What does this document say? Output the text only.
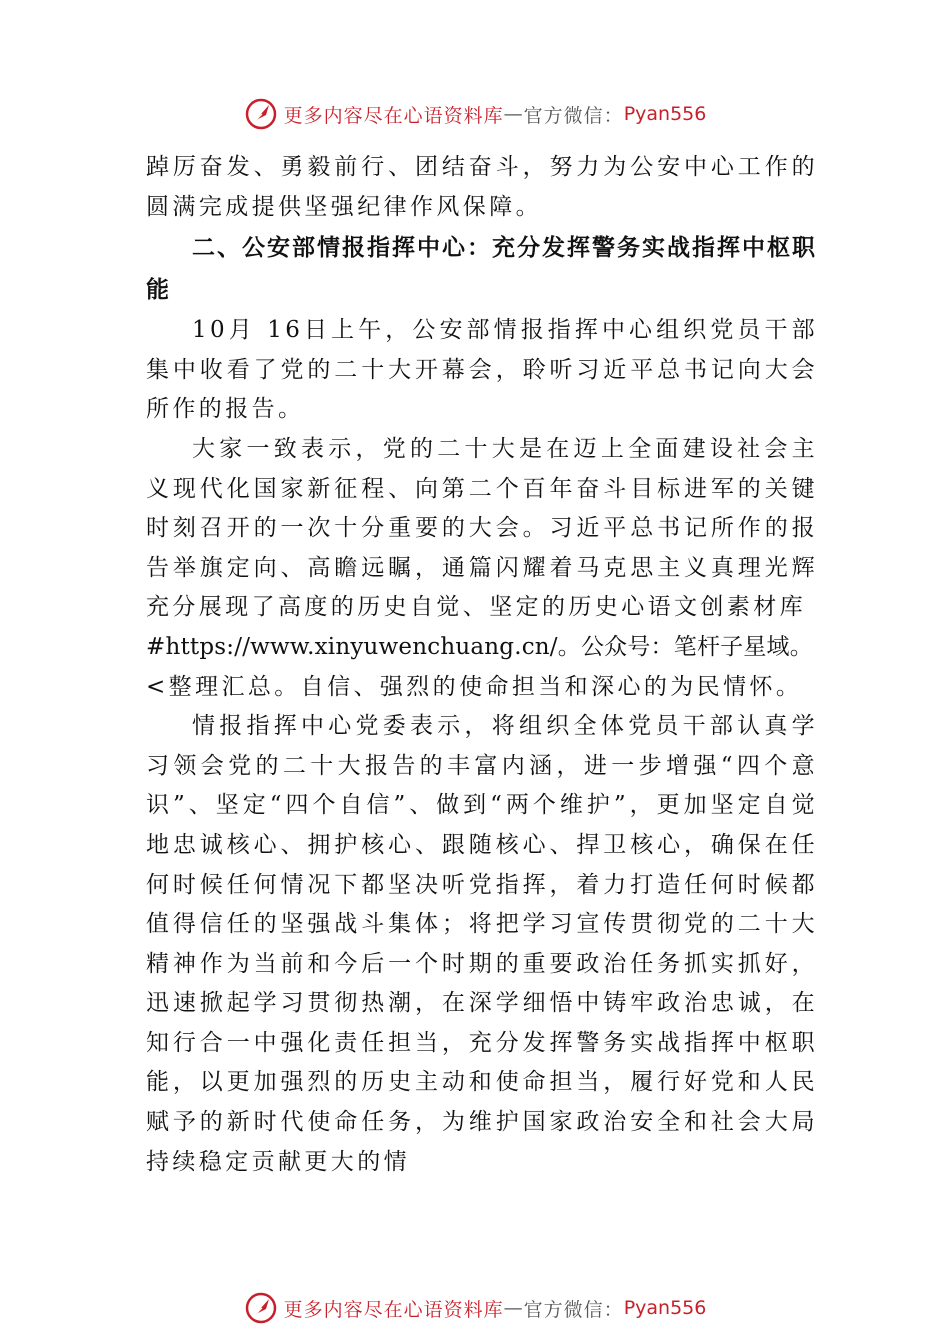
更多内容尽在心语资料库 — 官方微信： Pyan556

踔厉奋发、勇毅前行、团结奋斗，努力为公安中心工作的圆满完成提供坚强纪律作风保障。

二、公安部情报指挥中心：充分发挥警务实战指挥中枢职能

10月 16日上午，公安部情报指挥中心组织党员干部集中收看了党的二十大开幕会，聆听习近平总书记向大会所作的报告。

大家一致表示，党的二十大是在迈上全面建设社会主义现代化国家新征程、向第二个百年奋斗目标进军的关键时刻召开的一次十分重要的大会。习近平总书记所作的报告举旗定向、高瞻远瞩，通篇闪耀着马克思主义真理光辉充分展现了高度的历史自觉、坚定的历史心语文创素材库

#https://www.xinyuwenchuang.cn/。公众号：笔杆子星域。

<整理汇总。自信、强烈的使命担当和深心的为民情怀。

情报指挥中心党委表示，将组织全体党员干部认真学习领会党的二十大报告的丰富内涵，进一步增强“四个意识”、坚定“四个自信”、做到“两个维护”，更加坚定自觉地忠诚核心、拥护核心、跟随核心、捍卫核心，确保在任何时候任何情况下都坚决听党指挥，着力打造任何时候都值得信任的坚强战斗集体；将把学习宣传贯彻党的二十大精神作为当前和今后一个时期的重要政治任务抓实抓好，迅速掀起学习贯彻热潮，在深学细悟中铸牢政治忠诚，在知行合一中强化责任担当，充分发挥警务实战指挥中枢职能，以更加强烈的历史主动和使命担当，履行好党和人民赋予的新时代使命任务，为维护国家政治安全和社会大局持续稳定贡献更大的情

更多内容尽在心语资料库 — 官方微信： Pyan556
